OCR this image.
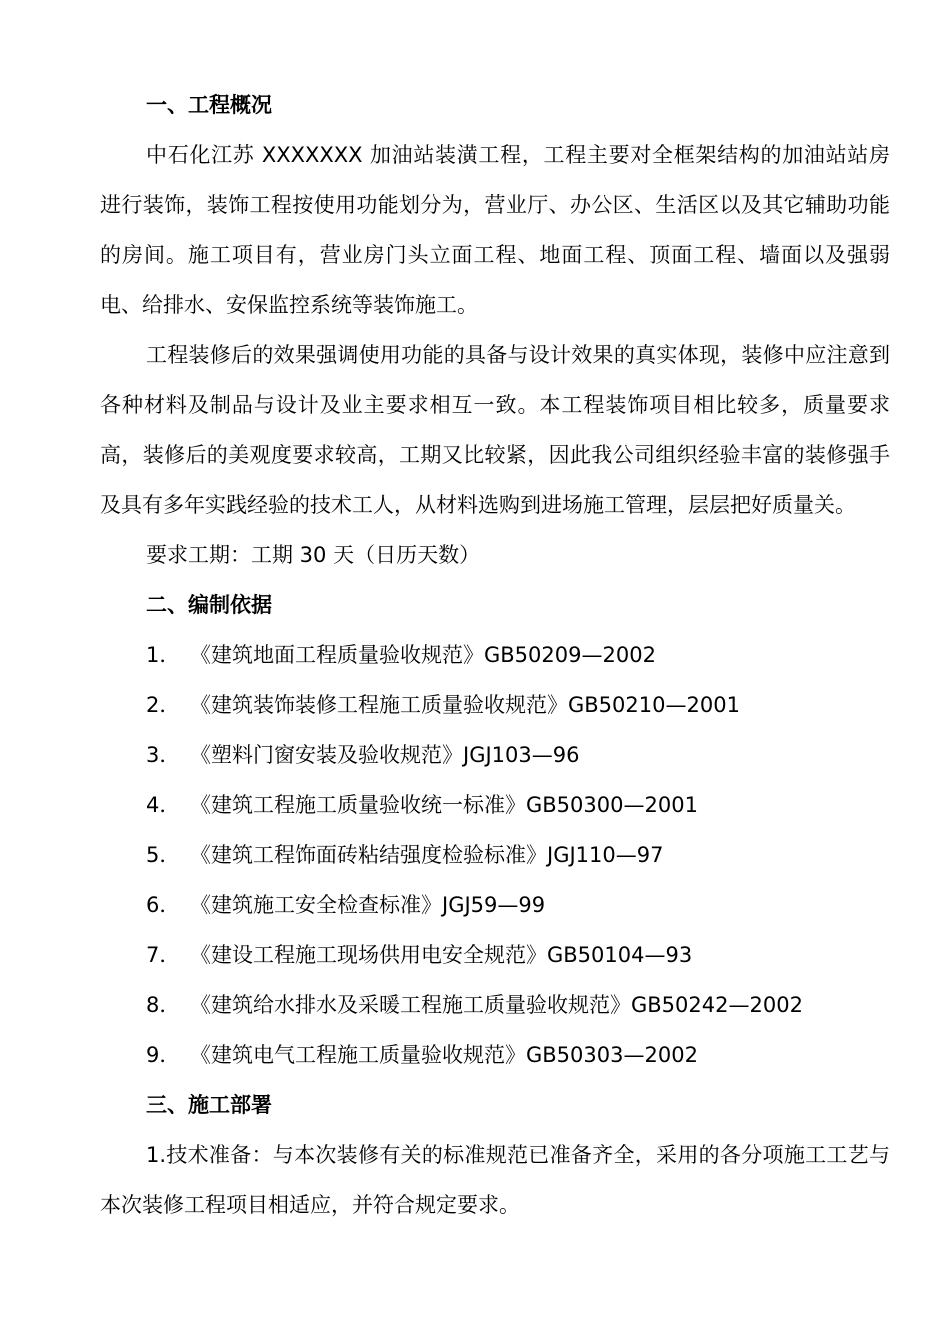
一、工程概况

中石化江苏 XXXXXXX 加油站装潢工程，工程主要对全框架结构的加油站站房进行装饰，装饰工程按使用功能划分为，营业厅、办公区、生活区以及其它辅助功能的房间。施工项目有，营业房门头立面工程、地面工程、顶面工程、墙面以及强弱电、给排水、安保监控系统等装饰施工。

工程装修后的效果强调使用功能的具备与设计效果的真实体现，装修中应注意到各种材料及制品与设计及业主要求相互一致。本工程装饰项目相比较多，质量要求高，装修后的美观度要求较高，工期又比较紧，因此我公司组织经验丰富的装修强手及具有多年实践经验的技术工人，从材料选购到进场施工管理，层层把好质量关。

要求工期：工期 30 天（日历天数）
二、编制依据
1． 《建筑地面工程质量验收规范》GB50209—2002
2． 《建筑装饰装修工程施工质量验收规范》GB50210—2001
3． 《塑料门窗安装及验收规范》JGJ103—96
4． 《建筑工程施工质量验收统一标准》GB50300—2001
5． 《建筑工程饰面砖粘结强度检验标准》JGJ110—97
6． 《建筑施工安全检查标准》JGJ59—99
7． 《建设工程施工现场供用电安全规范》GB50104—93
8． 《建筑给水排水及采暖工程施工质量验收规范》GB50242—2002
9． 《建筑电气工程施工质量验收规范》GB50303—2002
三、施工部署

1.技术准备：与本次装修有关的标准规范已准备齐全，采用的各分项施工工艺与本次装修工程项目相适应，并符合规定要求。
